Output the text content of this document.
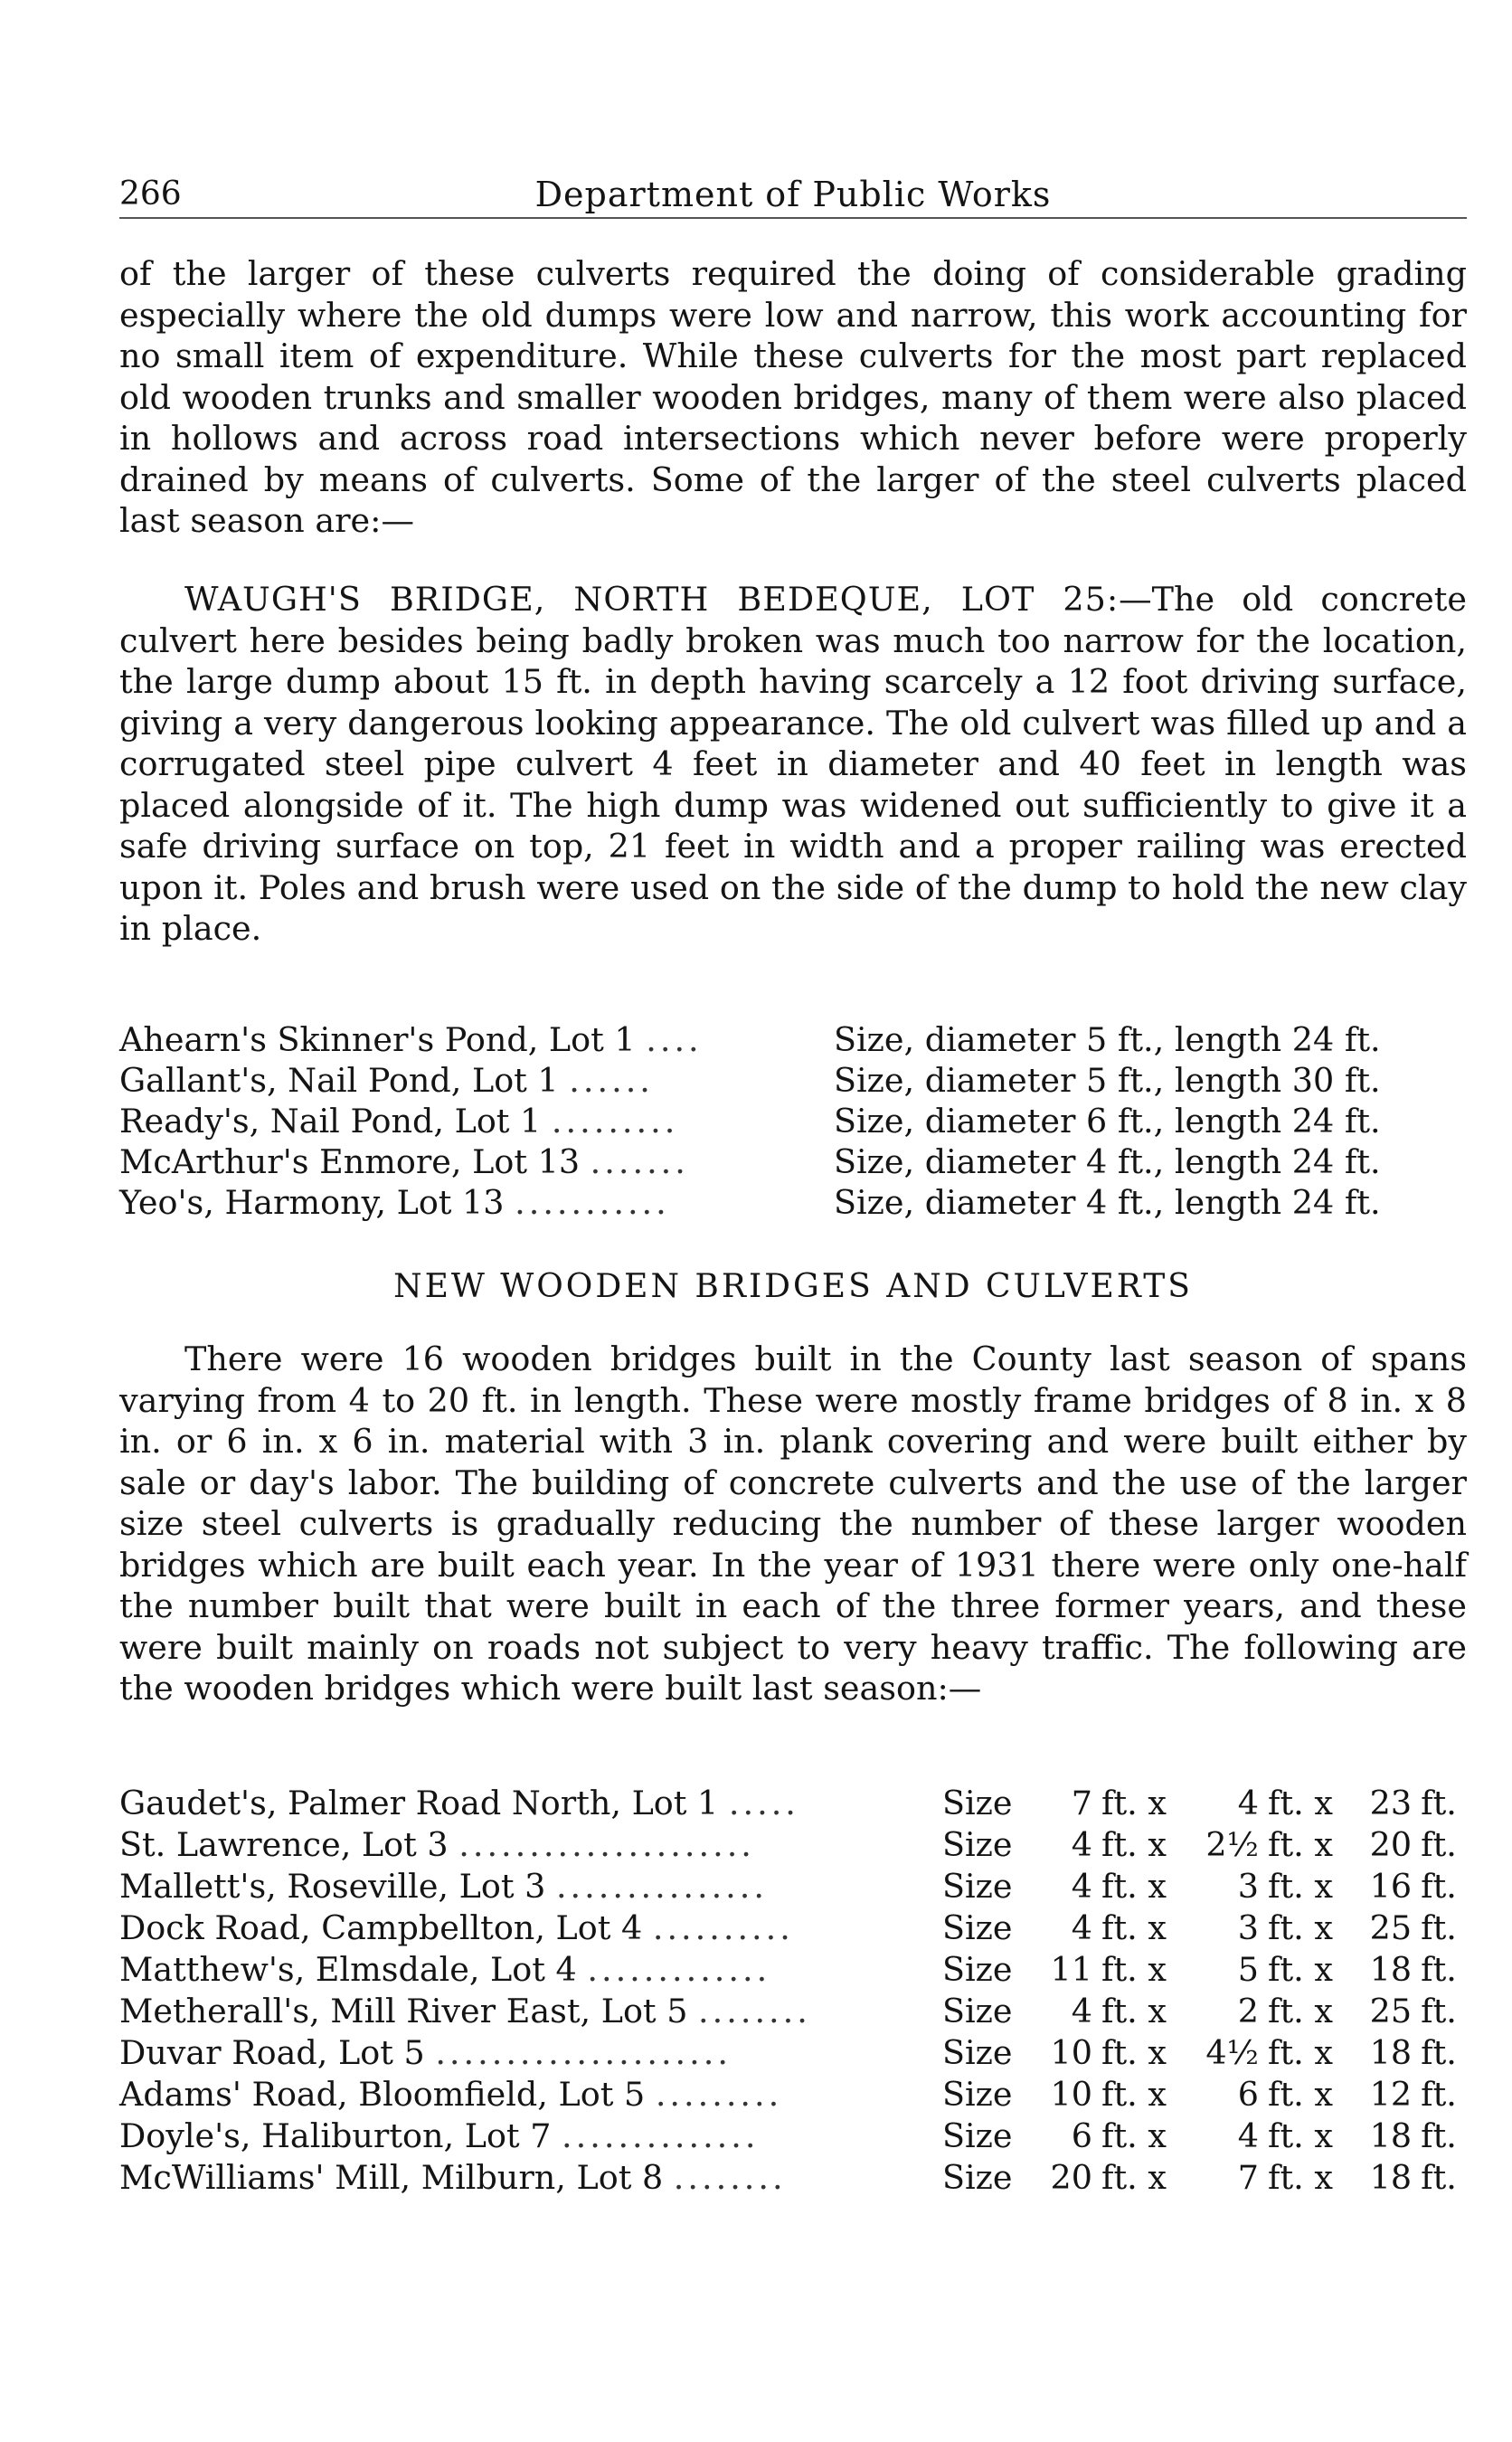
266	Department of Public Works

of the larger of these culverts required the doing of considerable grading especially where the old dumps were low and narrow, this work accounting for no small item of expenditure. While these culverts for the most part replaced old wooden trunks and smaller wooden bridges, many of them were also placed in hollows and across road intersections which never before were properly drained by means of culverts. Some of the larger of the steel culverts placed last season are:—

WAUGH'S BRIDGE, NORTH BEDEQUE, LOT 25:—The old concrete culvert here besides being badly broken was much too narrow for the location, the large dump about 15 ft. in depth having scarcely a 12 foot driving surface, giving a very dangerous looking appearance. The old culvert was filled up and a corrugated steel pipe culvert 4 feet in diameter and 40 feet in length was placed alongside of it. The high dump was widened out sufficiently to give it a safe driving surface on top, 21 feet in width and a proper railing was erected upon it. Poles and brush were used on the side of the dump to hold the new clay in place.

Ahearn's Skinner's Pond, Lot 1 ....	Size, diameter 5 ft., length 24 ft.
Gallant's, Nail Pond, Lot 1 ......	Size, diameter 5 ft., length 30 ft.
Ready's, Nail Pond, Lot 1 .........	Size, diameter 6 ft., length 24 ft.
McArthur's Enmore, Lot 13 .......	Size, diameter 4 ft., length 24 ft.
Yeo's, Harmony, Lot 13 ...........	Size, diameter 4 ft., length 24 ft.
NEW WOODEN BRIDGES AND CULVERTS

There were 16 wooden bridges built in the County last season of spans varying from 4 to 20 ft. in length. These were mostly frame bridges of 8 in. x 8 in. or 6 in. x 6 in. material with 3 in. plank covering and were built either by sale or day's labor. The building of concrete culverts and the use of the larger size steel culverts is gradually reducing the number of these larger wooden bridges which are built each year. In the year of 1931 there were only one-half the number built that were built in each of the three former years, and these were built mainly on roads not subject to very heavy traffic. The following are the wooden bridges which were built last season:—

Gaudet's, Palmer Road North, Lot 1 .....	Size	7	ft. x	4	ft. x	23	ft.
St. Lawrence, Lot 3 .....................	Size	4	ft. x	2½	ft. x	20	ft.
Mallett's, Roseville, Lot 3 ...............	Size	4	ft. x	3	ft. x	16	ft.
Dock Road, Campbellton, Lot 4 ..........	Size	4	ft. x	3	ft. x	25	ft.
Matthew's, Elmsdale, Lot 4 .............	Size	11	ft. x	5	ft. x	18	ft.
Metherall's, Mill River East, Lot 5 ........	Size	4	ft. x	2	ft. x	25	ft.
Duvar Road, Lot 5 .....................	Size	10	ft. x	4½	ft. x	18	ft.
Adams' Road, Bloomfield, Lot 5 .........	Size	10	ft. x	6	ft. x	12	ft.
Doyle's, Haliburton, Lot 7 ..............	Size	6	ft. x	4	ft. x	18	ft.
McWilliams' Mill, Milburn, Lot 8 ........	Size	20	ft. x	7	ft. x	18	ft.
